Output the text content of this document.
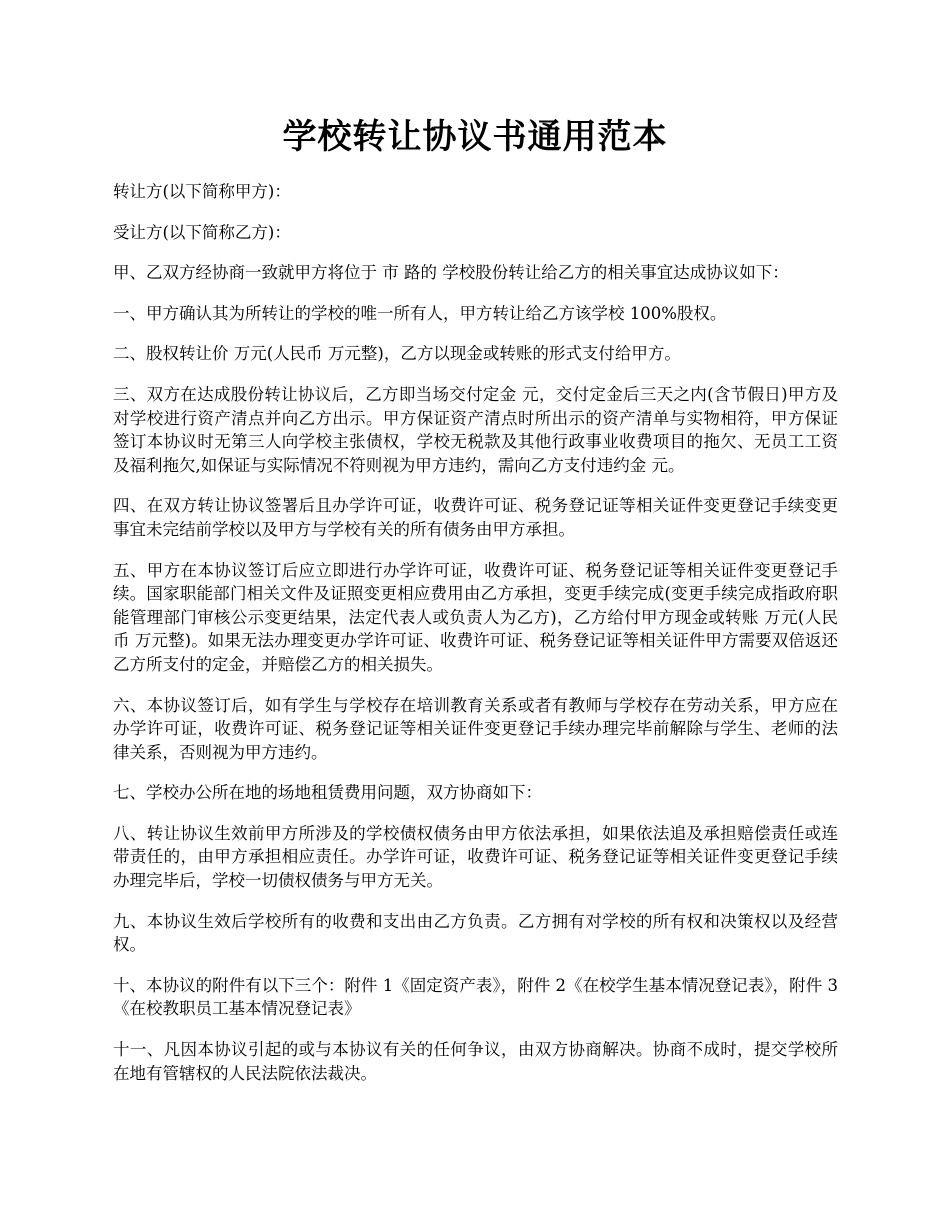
学校转让协议书通用范本

转让方(以下简称甲方)：

受让方(以下简称乙方)：

甲、乙双方经协商一致就甲方将位于 市 路的 学校股份转让给乙方的相关事宜达成协议如下：

一、甲方确认其为所转让的学校的唯一所有人，甲方转让给乙方该学校 100%股权。

二、股权转让价 万元(人民币 万元整)，乙方以现金或转账的形式支付给甲方。

三、双方在达成股份转让协议后，乙方即当场交付定金 元，交付定金后三天之内(含节假日)甲方及对学校进行资产清点并向乙方出示。甲方保证资产清点时所出示的资产清单与实物相符，甲方保证签订本协议时无第三人向学校主张债权，学校无税款及其他行政事业收费项目的拖欠、无员工工资及福利拖欠,如保证与实际情况不符则视为甲方违约，需向乙方支付违约金 元。

四、在双方转让协议签署后且办学许可证，收费许可证、税务登记证等相关证件变更登记手续变更事宜未完结前学校以及甲方与学校有关的所有债务由甲方承担。

五、甲方在本协议签订后应立即进行办学许可证，收费许可证、税务登记证等相关证件变更登记手续。国家职能部门相关文件及证照变更相应费用由乙方承担，变更手续完成(变更手续完成指政府职能管理部门审核公示变更结果，法定代表人或负责人为乙方)，乙方给付甲方现金或转账 万元(人民币 万元整)。如果无法办理变更办学许可证、收费许可证、税务登记证等相关证件甲方需要双倍返还乙方所支付的定金，并赔偿乙方的相关损失。

六、本协议签订后，如有学生与学校存在培训教育关系或者有教师与学校存在劳动关系，甲方应在办学许可证，收费许可证、税务登记证等相关证件变更登记手续办理完毕前解除与学生、老师的法律关系，否则视为甲方违约。

七、学校办公所在地的场地租赁费用问题，双方协商如下：

八、转让协议生效前甲方所涉及的学校债权债务由甲方依法承担，如果依法追及承担赔偿责任或连带责任的，由甲方承担相应责任。办学许可证，收费许可证、税务登记证等相关证件变更登记手续办理完毕后，学校一切债权债务与甲方无关。

九、本协议生效后学校所有的收费和支出由乙方负责。乙方拥有对学校的所有权和决策权以及经营权。

十、本协议的附件有以下三个：附件 1《固定资产表》，附件 2《在校学生基本情况登记表》，附件 3《在校教职员工基本情况登记表》

十一、凡因本协议引起的或与本协议有关的任何争议，由双方协商解决。协商不成时，提交学校所在地有管辖权的人民法院依法裁决。
